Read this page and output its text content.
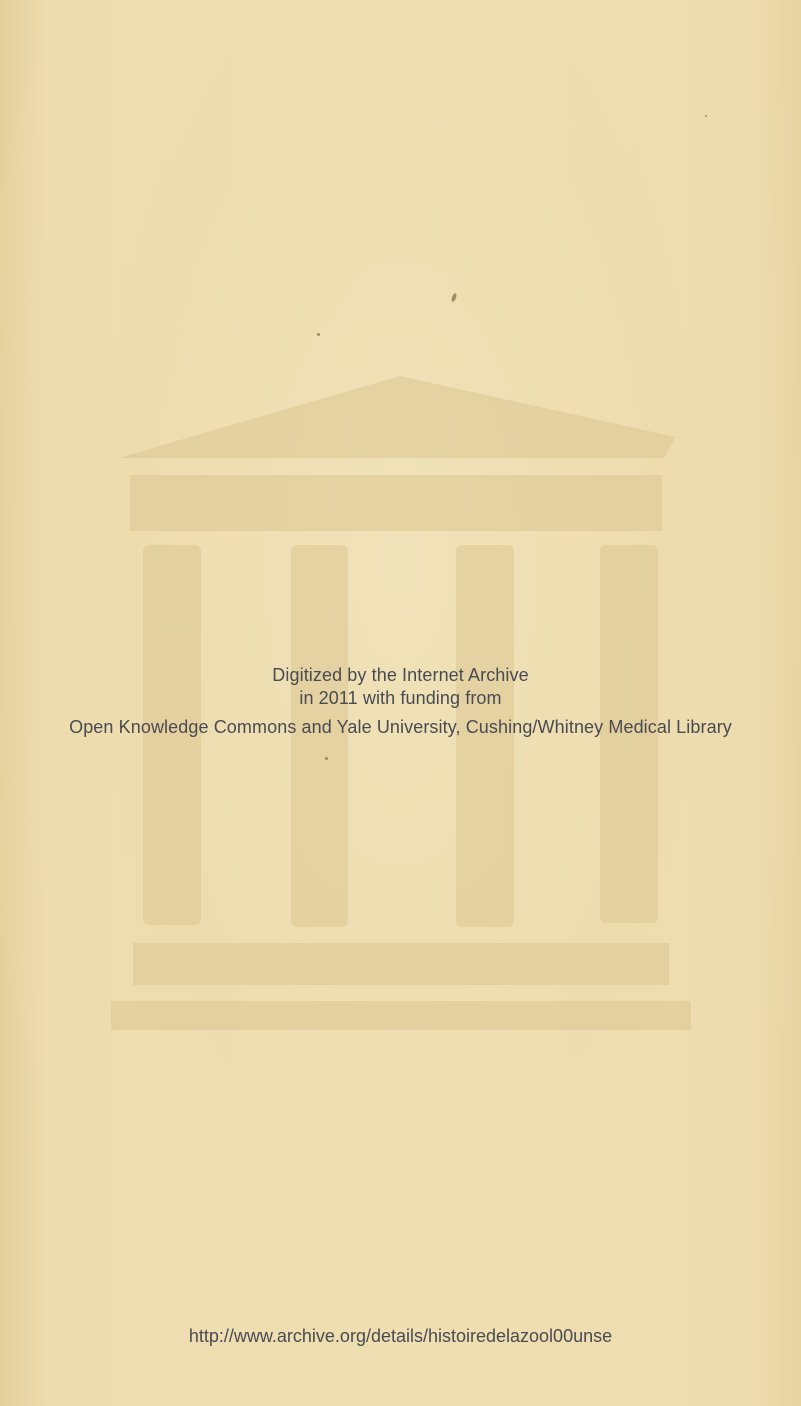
Digitized by the Internet Archive
in 2011 with funding from
Open Knowledge Commons and Yale University, Cushing/Whitney Medical Library
http://www.archive.org/details/histoiredelazool00unse
